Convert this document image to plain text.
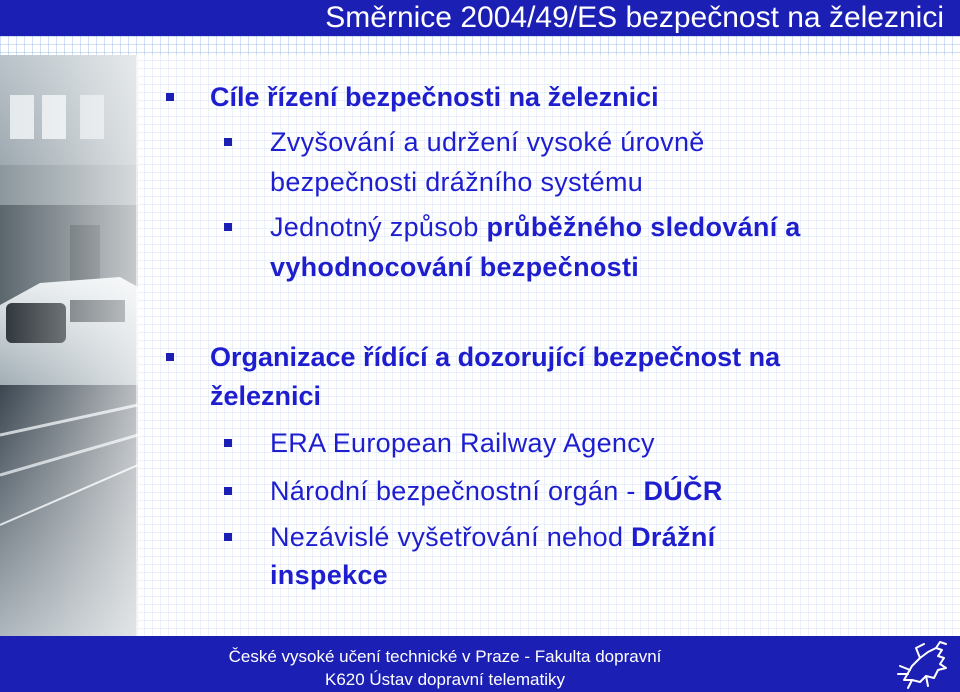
Směrnice 2004/49/ES bezpečnost na železnici
Cíle řízení bezpečnosti na železnici
Zvyšování a udržení vysoké úrovně
bezpečnosti drážního systému
Jednotný způsob průběžného sledování a
vyhodnocování bezpečnosti
Organizace řídící a dozorující bezpečnost na
železnici
ERA European Railway Agency
Národní bezpečnostní orgán - DÚČR
Nezávislé vyšetřování nehod Drážní
inspekce
České vysoké učení technické v Praze - Fakulta dopravní
K620 Ústav dopravní telematiky
